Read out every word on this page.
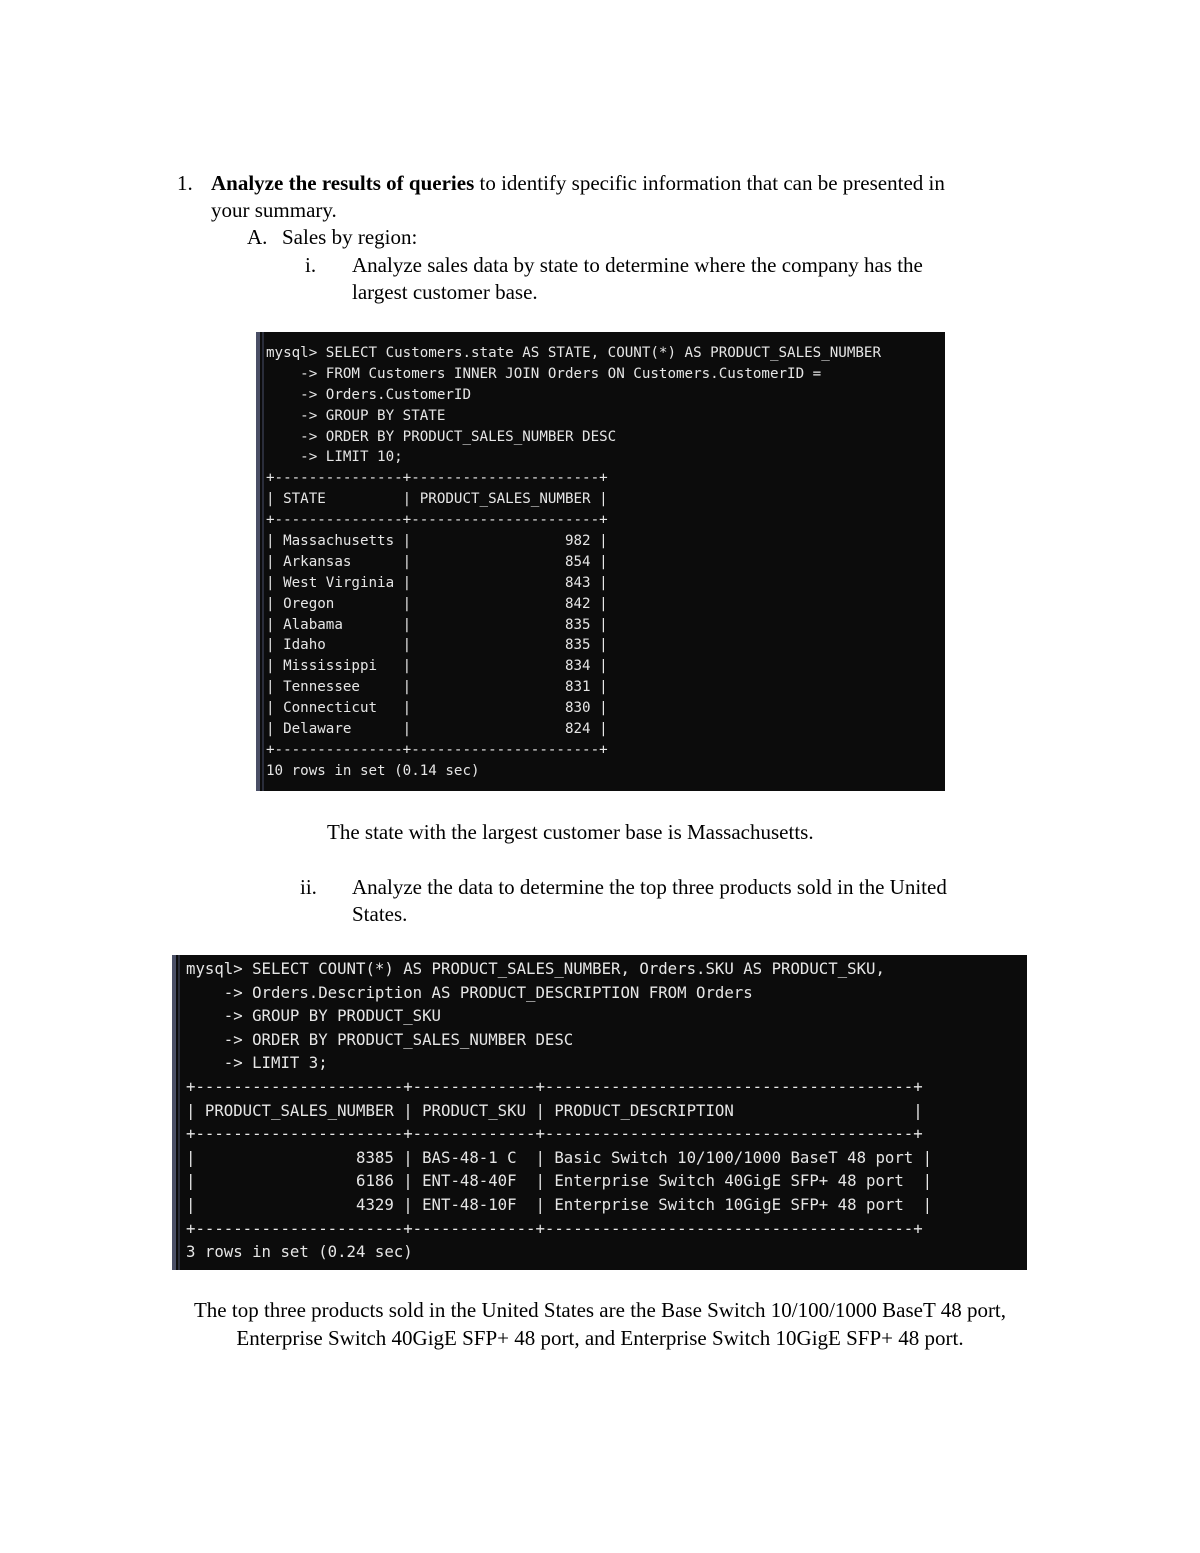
1. Analyze the results of queries to identify specific information that can be presented in
your summary.
A. Sales by region:
i. Analyze sales data by state to determine where the company has the
largest customer base.

mysql> SELECT Customers.state AS STATE, COUNT(*) AS PRODUCT_SALES_NUMBER
-> FROM Customers INNER JOIN Orders ON Customers.CustomerID =
-> Orders.CustomerID
-> GROUP BY STATE
-> ORDER BY PRODUCT_SALES_NUMBER DESC
-> LIMIT 10;
+---------------+----------------------+
| STATE         | PRODUCT_SALES_NUMBER |
+---------------+----------------------+
| Massachusetts |                  982 |
| Arkansas      |                  854 |
| West Virginia |                  843 |
| Oregon        |                  842 |
| Alabama       |                  835 |
| Idaho         |                  835 |
| Mississippi   |                  834 |
| Tennessee     |                  831 |
| Connecticut   |                  830 |
| Delaware      |                  824 |
+---------------+----------------------+
10 rows in set (0.14 sec)

The state with the largest customer base is Massachusetts.
ii. Analyze the data to determine the top three products sold in the United
States.

mysql> SELECT COUNT(*) AS PRODUCT_SALES_NUMBER, Orders.SKU AS PRODUCT_SKU,
-> Orders.Description AS PRODUCT_DESCRIPTION FROM Orders
-> GROUP BY PRODUCT_SKU
-> ORDER BY PRODUCT_SALES_NUMBER DESC
-> LIMIT 3;
+----------------------+-------------+---------------------------------------+
| PRODUCT_SALES_NUMBER | PRODUCT_SKU | PRODUCT_DESCRIPTION                   |
+----------------------+-------------+---------------------------------------+
|                 8385 | BAS-48-1 C  | Basic Switch 10/100/1000 BaseT 48 port |
|                 6186 | ENT-48-40F  | Enterprise Switch 40GigE SFP+ 48 port  |
|                 4329 | ENT-48-10F  | Enterprise Switch 10GigE SFP+ 48 port  |
+----------------------+-------------+---------------------------------------+
3 rows in set (0.24 sec)

The top three products sold in the United States are the Base Switch 10/100/1000 BaseT 48 port,
Enterprise Switch 40GigE SFP+ 48 port, and Enterprise Switch 10GigE SFP+ 48 port.
